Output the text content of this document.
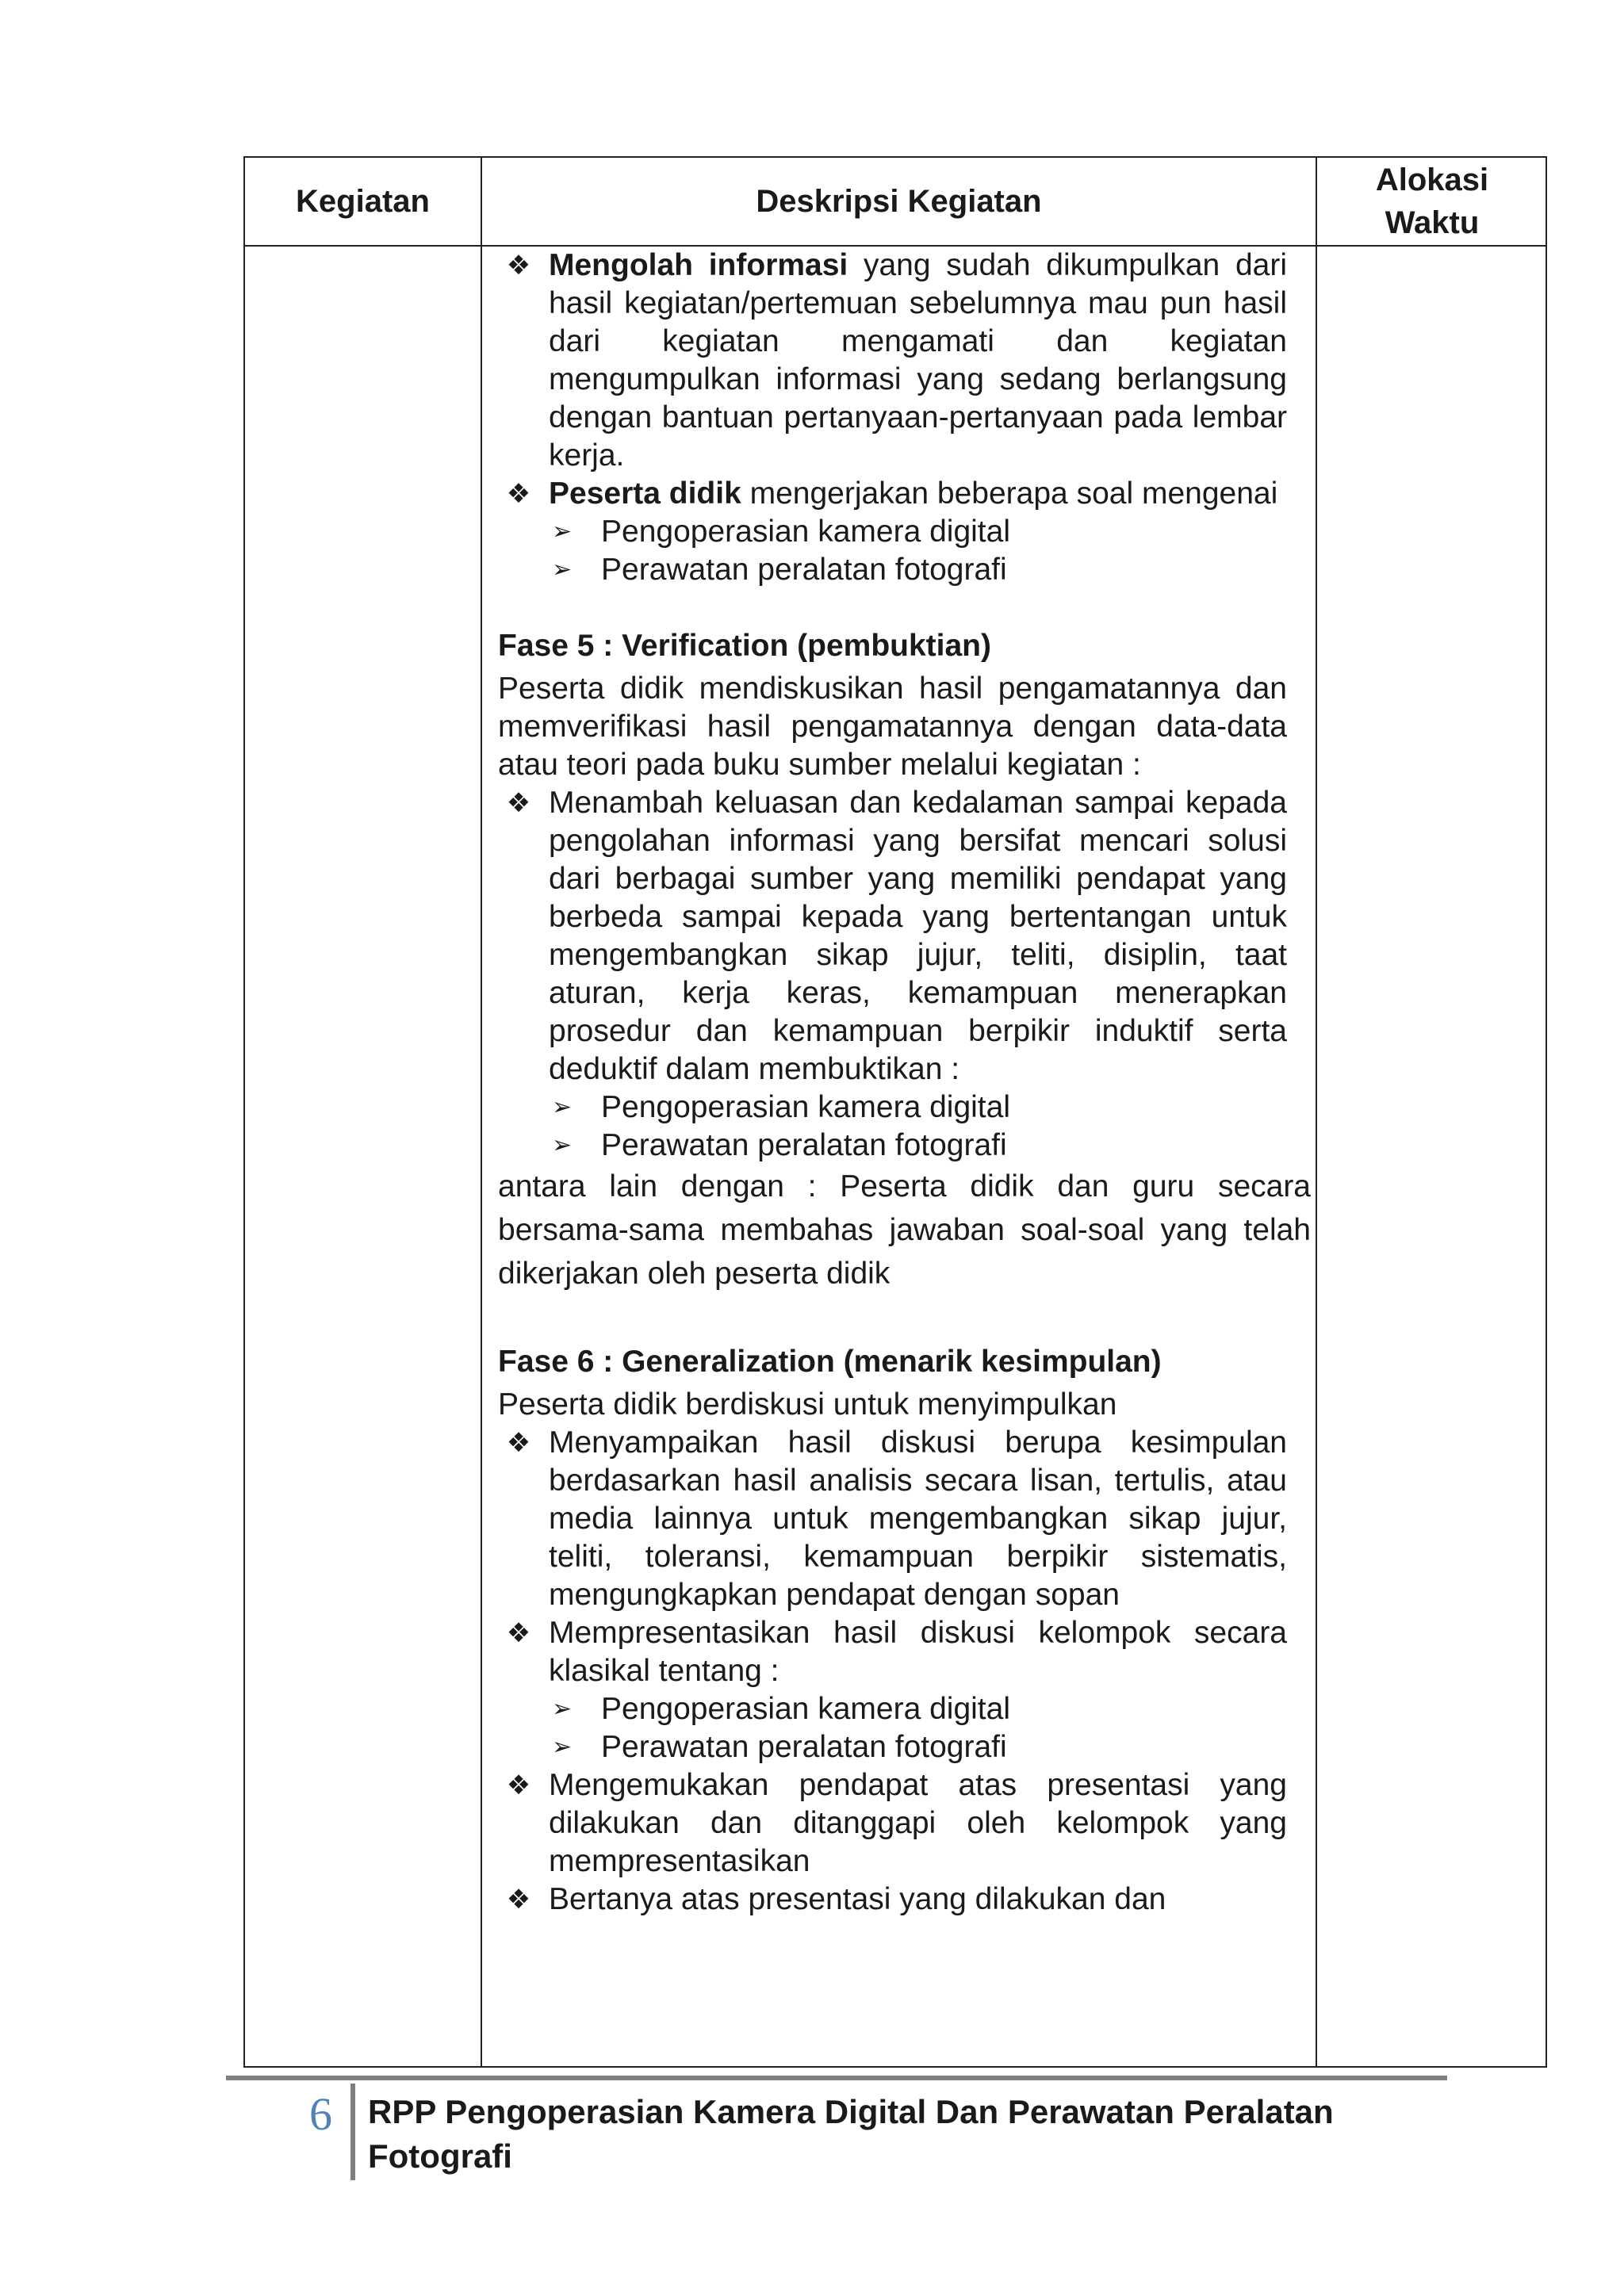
Kegiatan	Deskripsi Kegiatan
Alokasi
Waktu

❖ Mengolah informasi yang sudah dikumpulkan dari hasil kegiatan/pertemuan sebelumnya mau pun hasil dari kegiatan mengamati dan kegiatan mengumpulkan informasi yang sedang berlangsung dengan bantuan pertanyaan-pertanyaan pada lembar kerja.

❖ Peserta didik mengerjakan beberapa soal mengenai

➢ Pengoperasian kamera digital

➢ Perawatan peralatan fotografi

Fase 5 : Verification (pembuktian)

Peserta didik mendiskusikan hasil pengamatannya dan memverifikasi hasil pengamatannya dengan data-data atau teori pada buku sumber melalui kegiatan :

❖ Menambah keluasan dan kedalaman sampai kepada pengolahan informasi yang bersifat mencari solusi dari berbagai sumber yang memiliki pendapat yang berbeda sampai kepada yang bertentangan untuk mengembangkan sikap jujur, teliti, disiplin, taat aturan, kerja keras, kemampuan menerapkan prosedur dan kemampuan berpikir induktif serta deduktif dalam membuktikan :

➢ Pengoperasian kamera digital

➢ Perawatan peralatan fotografi

antara lain dengan : Peserta didik dan guru secara bersama-sama membahas jawaban soal-soal yang telah dikerjakan oleh peserta didik

Fase 6 : Generalization (menarik kesimpulan)

Peserta didik berdiskusi untuk menyimpulkan

❖ Menyampaikan hasil diskusi berupa kesimpulan berdasarkan hasil analisis secara lisan, tertulis, atau media lainnya untuk mengembangkan sikap jujur, teliti, toleransi, kemampuan berpikir sistematis, mengungkapkan pendapat dengan sopan

❖ Mempresentasikan hasil diskusi kelompok secara klasikal tentang :

➢ Pengoperasian kamera digital

➢ Perawatan peralatan fotografi

❖ Mengemukakan pendapat atas presentasi yang dilakukan dan ditanggapi oleh kelompok yang mempresentasikan

❖ Bertanya atas presentasi yang dilakukan dan

6 RPP Pengoperasian Kamera Digital Dan Perawatan Peralatan Fotografi
